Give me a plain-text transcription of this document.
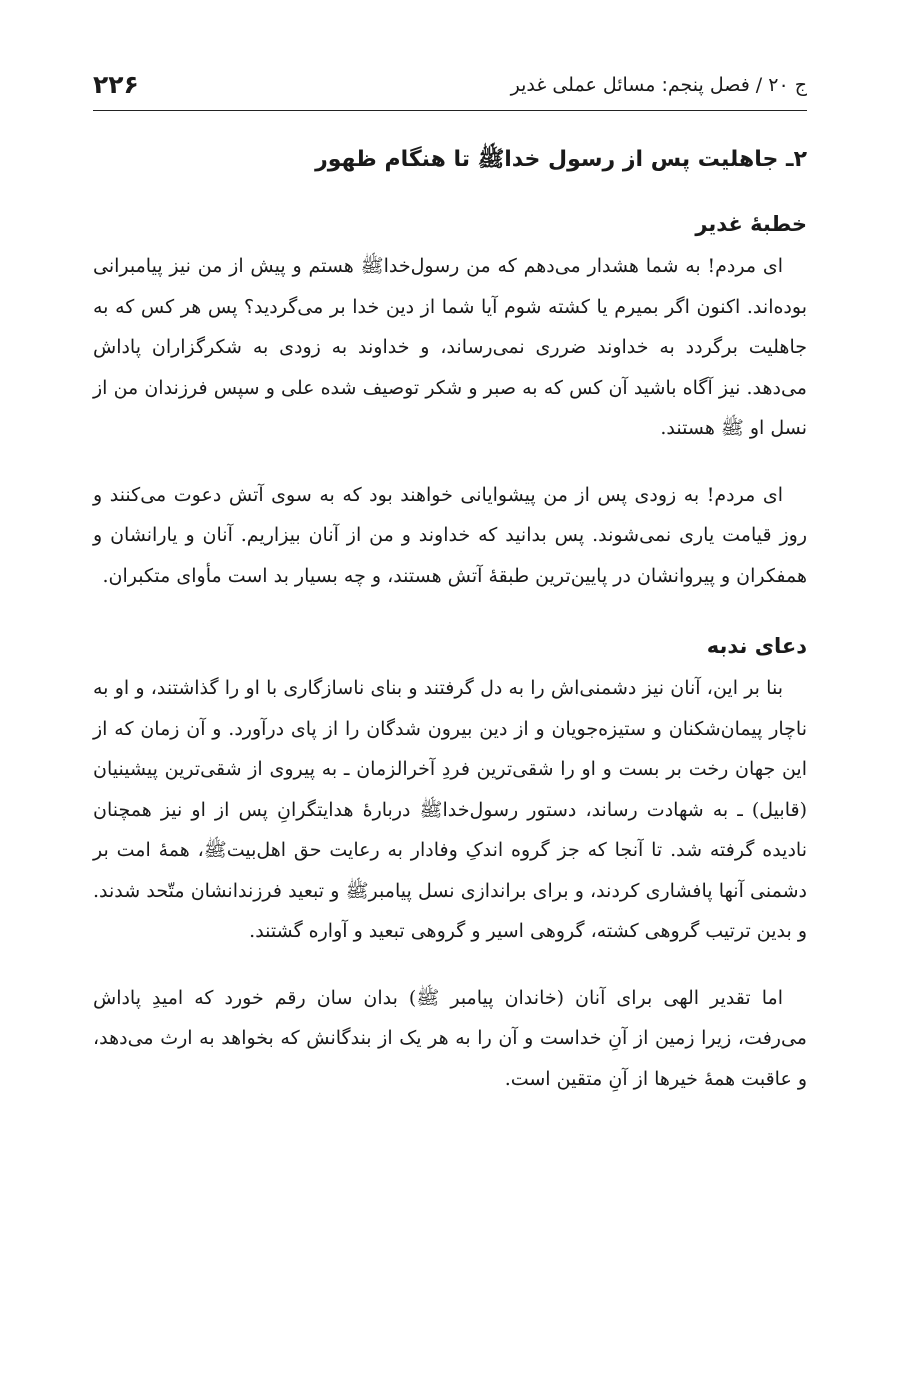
ج ۲۰ / فصل پنجم: مسائل عملی غدیر
۲۲۶
۲ـ جاهلیت پس از رسول خداﷺ تا هنگام ظهور
خطبهٔ غدیر

ای مردم! به شما هشدار می‌دهم که من رسول‌خداﷺ هستم و پیش از من نیز پیامبرانی بوده‌اند. اکنون اگر بمیرم یا کشته شوم آیا شما از دین خدا بر می‌گردید؟ پس هر کس که به جاهلیت برگردد به خداوند ضرری نمی‌رساند، و خداوند به زودی به شکرگزاران پاداش می‌دهد. نیز آگاه باشید آن کس که به صبر و شکر توصیف شده علی و سپس فرزندان من از نسل او ﷺ هستند.

ای مردم! به زودی پس از من پیشوایانی خواهند بود که به سوی آتش دعوت می‌کنند و روز قیامت یاری نمی‌شوند. پس بدانید که خداوند و من از آنان بیزاریم. آنان و یارانشان و همفکران و پیروانشان در پایین‌ترین طبقهٔ آتش هستند، و چه بسیار بد است مأوای متکبران.

دعای ندبه

بنا بر این، آنان نیز دشمنی‌اش را به دل گرفتند و بنای ناسازگاری با او را گذاشتند، و او به ناچار پیمان‌شکنان و ستیزه‌جویان و از دین بیرون شدگان را از پای درآورد. و آن زمان که از این جهان رخت بر بست و او را شقی‌ترین فردِ آخرالزمان ـ به پیروی از شقی‌ترین پیشینیان (قابیل) ـ به شهادت رساند، دستور رسول‌خداﷺ دربارهٔ هدایتگرانِ پس از او نیز همچنان نادیده گرفته شد. تا آنجا که جز گروه اندکِ وفادار به رعایت حق اهل‌بیتﷺ، همهٔ امت بر دشمنی آنها پافشاری کردند، و برای براندازی نسل پیامبرﷺ و تبعید فرزندانشان متّحد شدند. و بدین ترتیب گروهی کشته، گروهی اسیر و گروهی تبعید و آواره گشتند.

اما تقدیر الهی برای آنان (خاندان پیامبر ﷺ) بدان سان رقم خورد که امیدِ پاداش می‌رفت، زیرا زمین از آنِ خداست و آن را به هر یک از بندگانش که بخواهد به ارث می‌دهد، و عاقبت همهٔ خیرها از آنِ متقین است.
